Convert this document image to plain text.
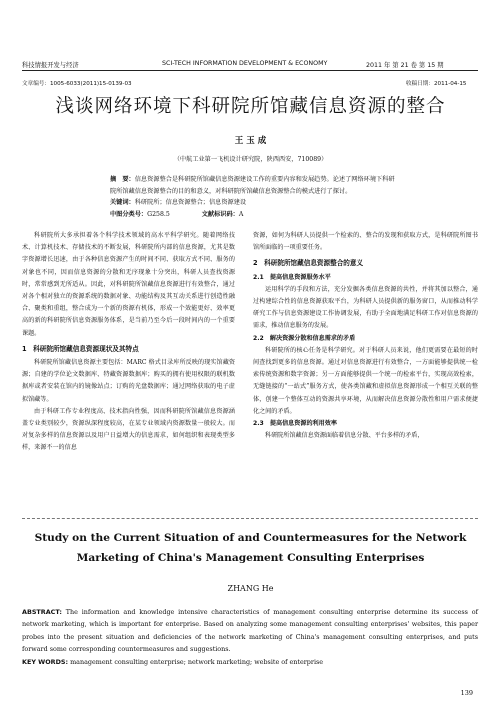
科技情报开发与经济	SCI-TECH INFORMATION DEVELOPMENT & ECONOMY	2011 年 第 21 卷 第 15 期
文章编号：1005-6033(2011)15-0139-03	收稿日期：2011-04-15
浅谈网络环境下科研院所馆藏信息资源的整合
王 玉 成
（中航工业第一飞机设计研究院，陕西西安，710089）
摘　要：信息资源整合是科研院所馆藏信息资源建设工作的重要内容和发展趋势。论述了网络环境下科研院所馆藏信息资源整合的目的和意义，对科研院所馆藏信息资源整合的模式进行了探讨。
关键词：科研院所；信息资源整合；信息资源建设
中图分类号：G258.5	文献标识码：A

科研院所大多承担着各个科学技术领域的高水平科学研究。随着网络技术、计算机技术、存储技术的不断发展，科研院所内部的信息资源，尤其是数字资源增长迅速，由于各种信息资源产生的时间不同、获取方式不同、服务的对象也不同，因而信息资源的分散和无序现象十分突出，科研人员查找资源时，常常感到无所适从。因此，对科研院所馆藏信息资源进行有效整合，通过对各个相对独立的资源系统的数据对象、功能结构及其互动关系进行创造性融合、聚类和重组，整合成为一个新的资源有机体，形成一个效能更好、效率更高的新的科研院所信息资源服务体系，是当前乃至今后一段时间内的一个重要课题。

1　科研院所馆藏信息资源现状及其特点

科研院所馆藏信息资源主要包括：MARC 格式目录库所反映的现实馆藏资源；自建的学位论文数据库、特藏资源数据库；购买的拥有使用权限的联机数据库或者安装在馆内的镜像站点；订购的光盘数据库；通过网络获取的电子虚拟馆藏等。

由于科研工作专业程度高、技术指向性强，因而科研院所馆藏信息资源涵盖专业类别较少，资源纵深程度较高，在某专业领域内资源数量一般较大。而对复杂多样的信息资源以及用户日益增大的信息需求，如何组织和表现类型多样，来源不一的信息

资源，如何为科研人员提供一个检索的、整合的发现和获取方式，是科研院所图书馆所面临的一项重要任务。

2　科研院所馆藏信息资源整合的意义
2.1　提高信息资源服务水平

运用科学的手段和方法，充分发掘各类信息资源的共性，并将其加以整合，通过构建综合性的信息资源获取平台，为科研人员提供新的服务窗口，从而推动科学研究工作与信息资源建设工作协调发展，有助于全面地满足科研工作对信息资源的需求，推动信息服务的发展。

2.2　解决资源分散和信息需求的矛盾

科研院所的核心任务是科学研究。对于科研人员来说，他们更需要在最短的时间查找到更多的信息资源。通过对信息资源进行有效整合，一方面能够提供统一检索传统资源和数字资源；另一方面能够提供一个统一的检索平台，实现高效检索，无缝链接的“一站式”服务方式，使各类馆藏和虚拟信息资源形成一个相互关联的整体，创建一个整体互动的资源共享环境，从而解决信息资源分散性和用户需求便捷化之间的矛盾。

2.3　提高信息资源的利用效率

科研院所馆藏信息资源面临着信息分散、平台多样的矛盾，

Study on the Current Situation of and Countermeasures for the Network
Marketing of China's Management Consulting Enterprises
ZHANG He
ABSTRACT: The information and knowledge intensive characteristics of management consulting enterprise determine its success of network marketing, which is important for enterprise. Based on analyzing some management consulting enterprises' websites, this paper probes into the present situation and deficiencies of the network marketing of China's management consulting enterprises, and puts forward some corresponding countermeasures and suggestions.
KEY WORDS: management consulting enterprise; network marketing; website of enterprise
139
